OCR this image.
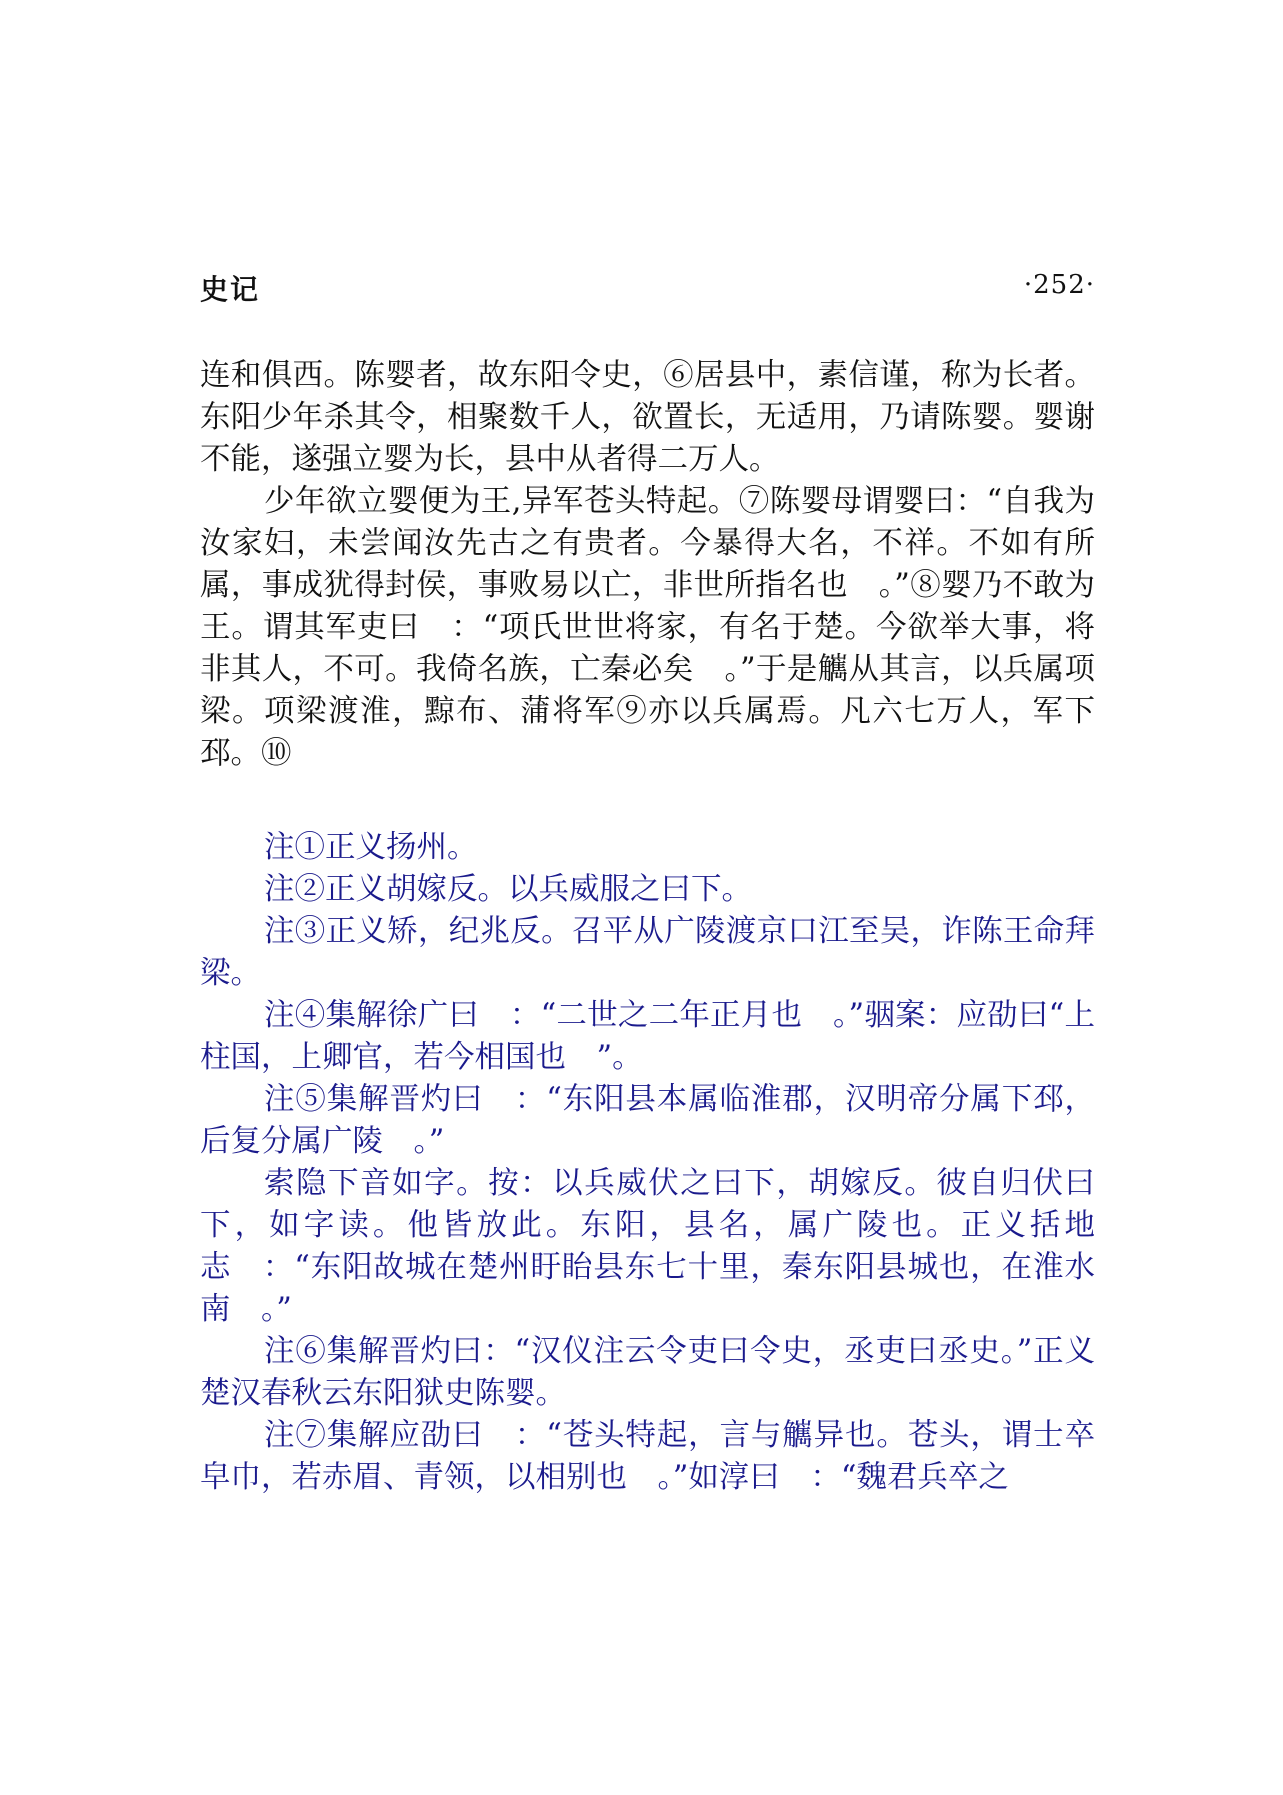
史记	·252·

连和俱西。陈婴者，故东阳令史，⑥居县中，素信谨，称为长者。东阳少年杀其令，相聚数千人，欲置长，无适用，乃请陈婴。婴谢不能，遂强立婴为长，县中从者得二万人。

少年欲立婴便为王,异军苍头特起。⑦陈婴母谓婴曰：“自我为汝家妇，未尝闻汝先古之有贵者。今暴得大名，不祥。不如有所属，事成犹得封侯，事败易以亡，非世所指名也　。”⑧婴乃不敢为王。谓其军吏曰　：“项氏世世将家，有名于楚。今欲举大事，将非其人，不可。我倚名族，亡秦必矣　。”于是觽从其言，以兵属项梁。项梁渡淮，黥布、蒲将军⑨亦以兵属焉。凡六七万人，军下邳。⑩

注①正义扬州。

注②正义胡嫁反。以兵威服之曰下。

注③正义矫，纪兆反。召平从广陵渡京口江至吴，诈陈王命拜梁。

注④集解徐广曰　：“二世之二年正月也　。”骃案：应劭曰“上柱国，上卿官，若今相国也　”。

注⑤集解晋灼曰　：“东阳县本属临淮郡，汉明帝分属下邳，后复分属广陵　。”

索隐下音如字。按：以兵威伏之曰下，胡嫁反。彼自归伏曰下，如字读。他皆放此。东阳，县名，属广陵也。正义括地志　：“东阳故城在楚州盱眙县东七十里，秦东阳县城也，在淮水南　。”

注⑥集解晋灼曰：“汉仪注云令吏曰令史，丞吏曰丞史。”正义楚汉春秋云东阳狱史陈婴。

注⑦集解应劭曰　：“苍头特起，言与觽异也。苍头，谓士卒皁巾，若赤眉、青领，以相别也　。”如淳曰　：“魏君兵卒之
